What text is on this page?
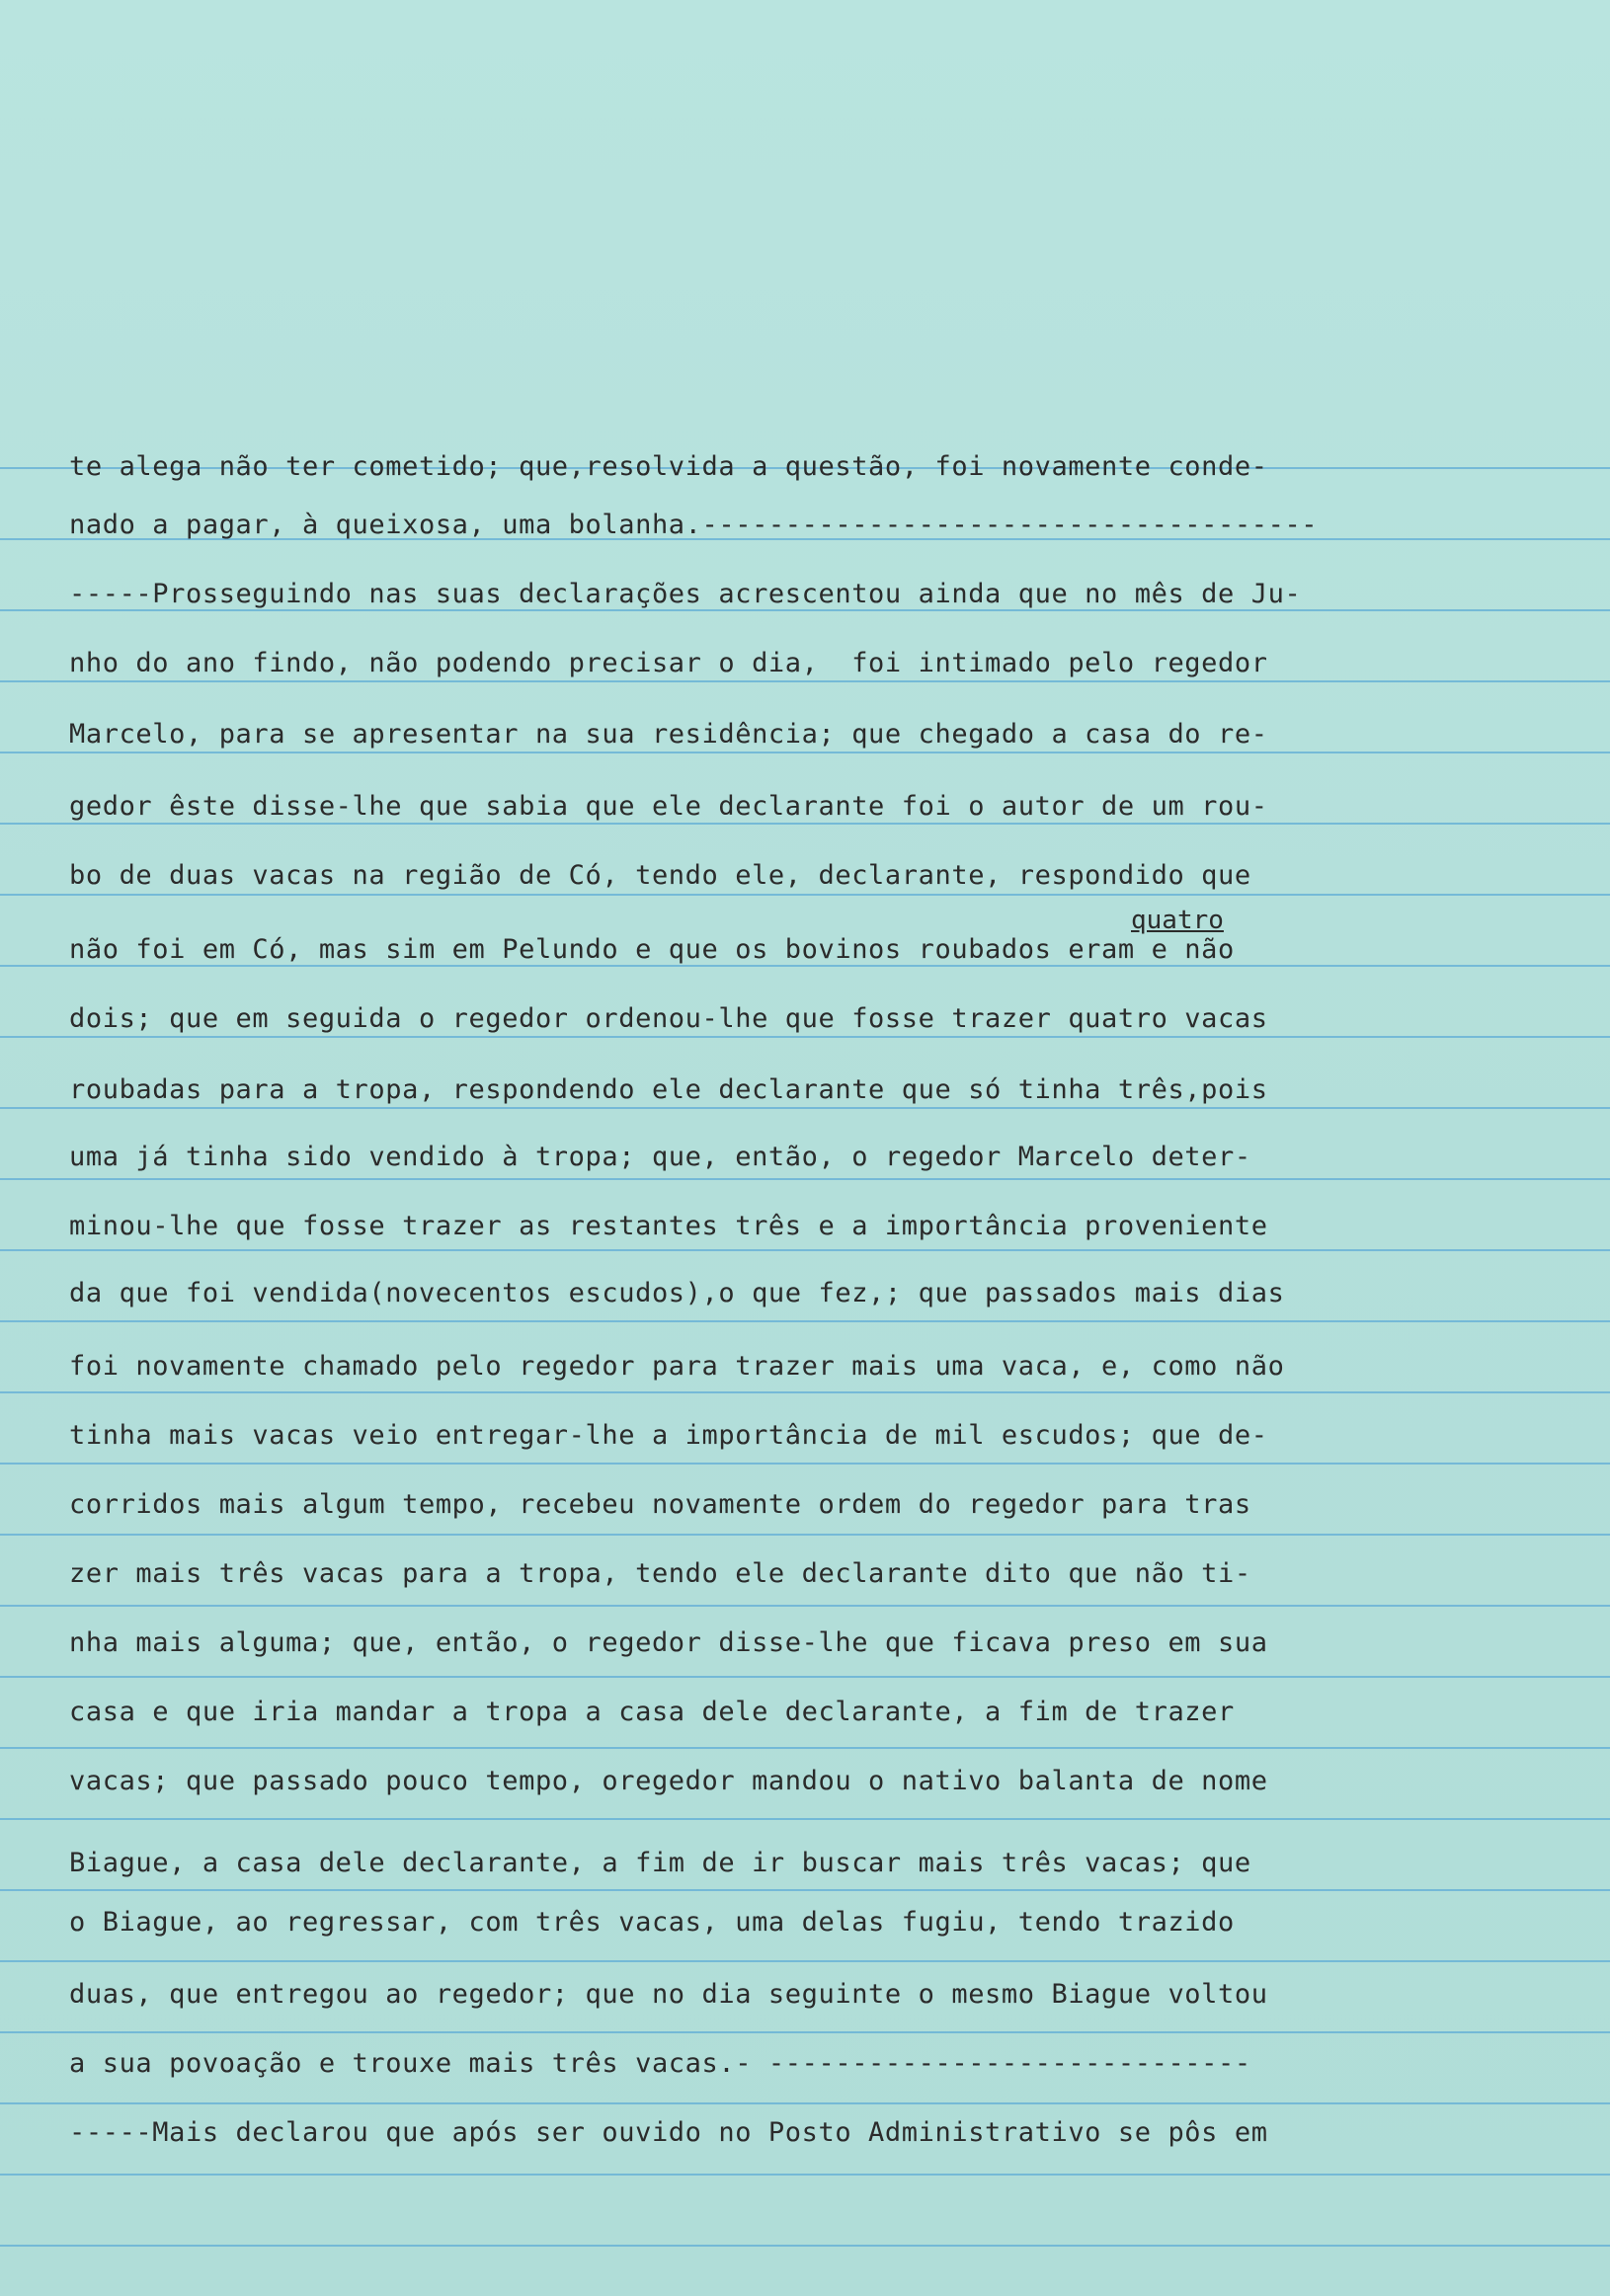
te alega não ter cometido; que,resolvida a questão, foi novamente conde-
nado a pagar, à queixosa, uma bolanha.-------------------------------------
-----Prosseguindo nas suas declarações acrescentou ainda que no mês de Ju-
nho do ano findo, não podendo precisar o dia,  foi intimado pelo regedor
Marcelo, para se apresentar na sua residência; que chegado a casa do re-
gedor êste disse-lhe que sabia que ele declarante foi o autor de um rou-
bo de duas vacas na região de Có, tendo ele, declarante, respondido que
não foi em Có, mas sim em Pelundo e que os bovinos roubados eram e não
dois; que em seguida o regedor ordenou-lhe que fosse trazer quatro vacas
roubadas para a tropa, respondendo ele declarante que só tinha três,pois
uma já tinha sido vendido à tropa; que, então, o regedor Marcelo deter-
minou-lhe que fosse trazer as restantes três e a importância proveniente
da que foi vendida(novecentos escudos),o que fez,; que passados mais dias
foi novamente chamado pelo regedor para trazer mais uma vaca, e, como não
tinha mais vacas veio entregar-lhe a importância de mil escudos; que de-
corridos mais algum tempo, recebeu novamente ordem do regedor para tras
zer mais três vacas para a tropa, tendo ele declarante dito que não ti-
nha mais alguma; que, então, o regedor disse-lhe que ficava preso em sua
casa e que iria mandar a tropa a casa dele declarante, a fim de trazer
vacas; que passado pouco tempo, oregedor mandou o nativo balanta de nome
Biague, a casa dele declarante, a fim de ir buscar mais três vacas; que
o Biague, ao regressar, com três vacas, uma delas fugiu, tendo trazido
duas, que entregou ao regedor; que no dia seguinte o mesmo Biague voltou
a sua povoação e trouxe mais três vacas.- -----------------------------
-----Mais declarou que após ser ouvido no Posto Administrativo se pôs em
quatro
